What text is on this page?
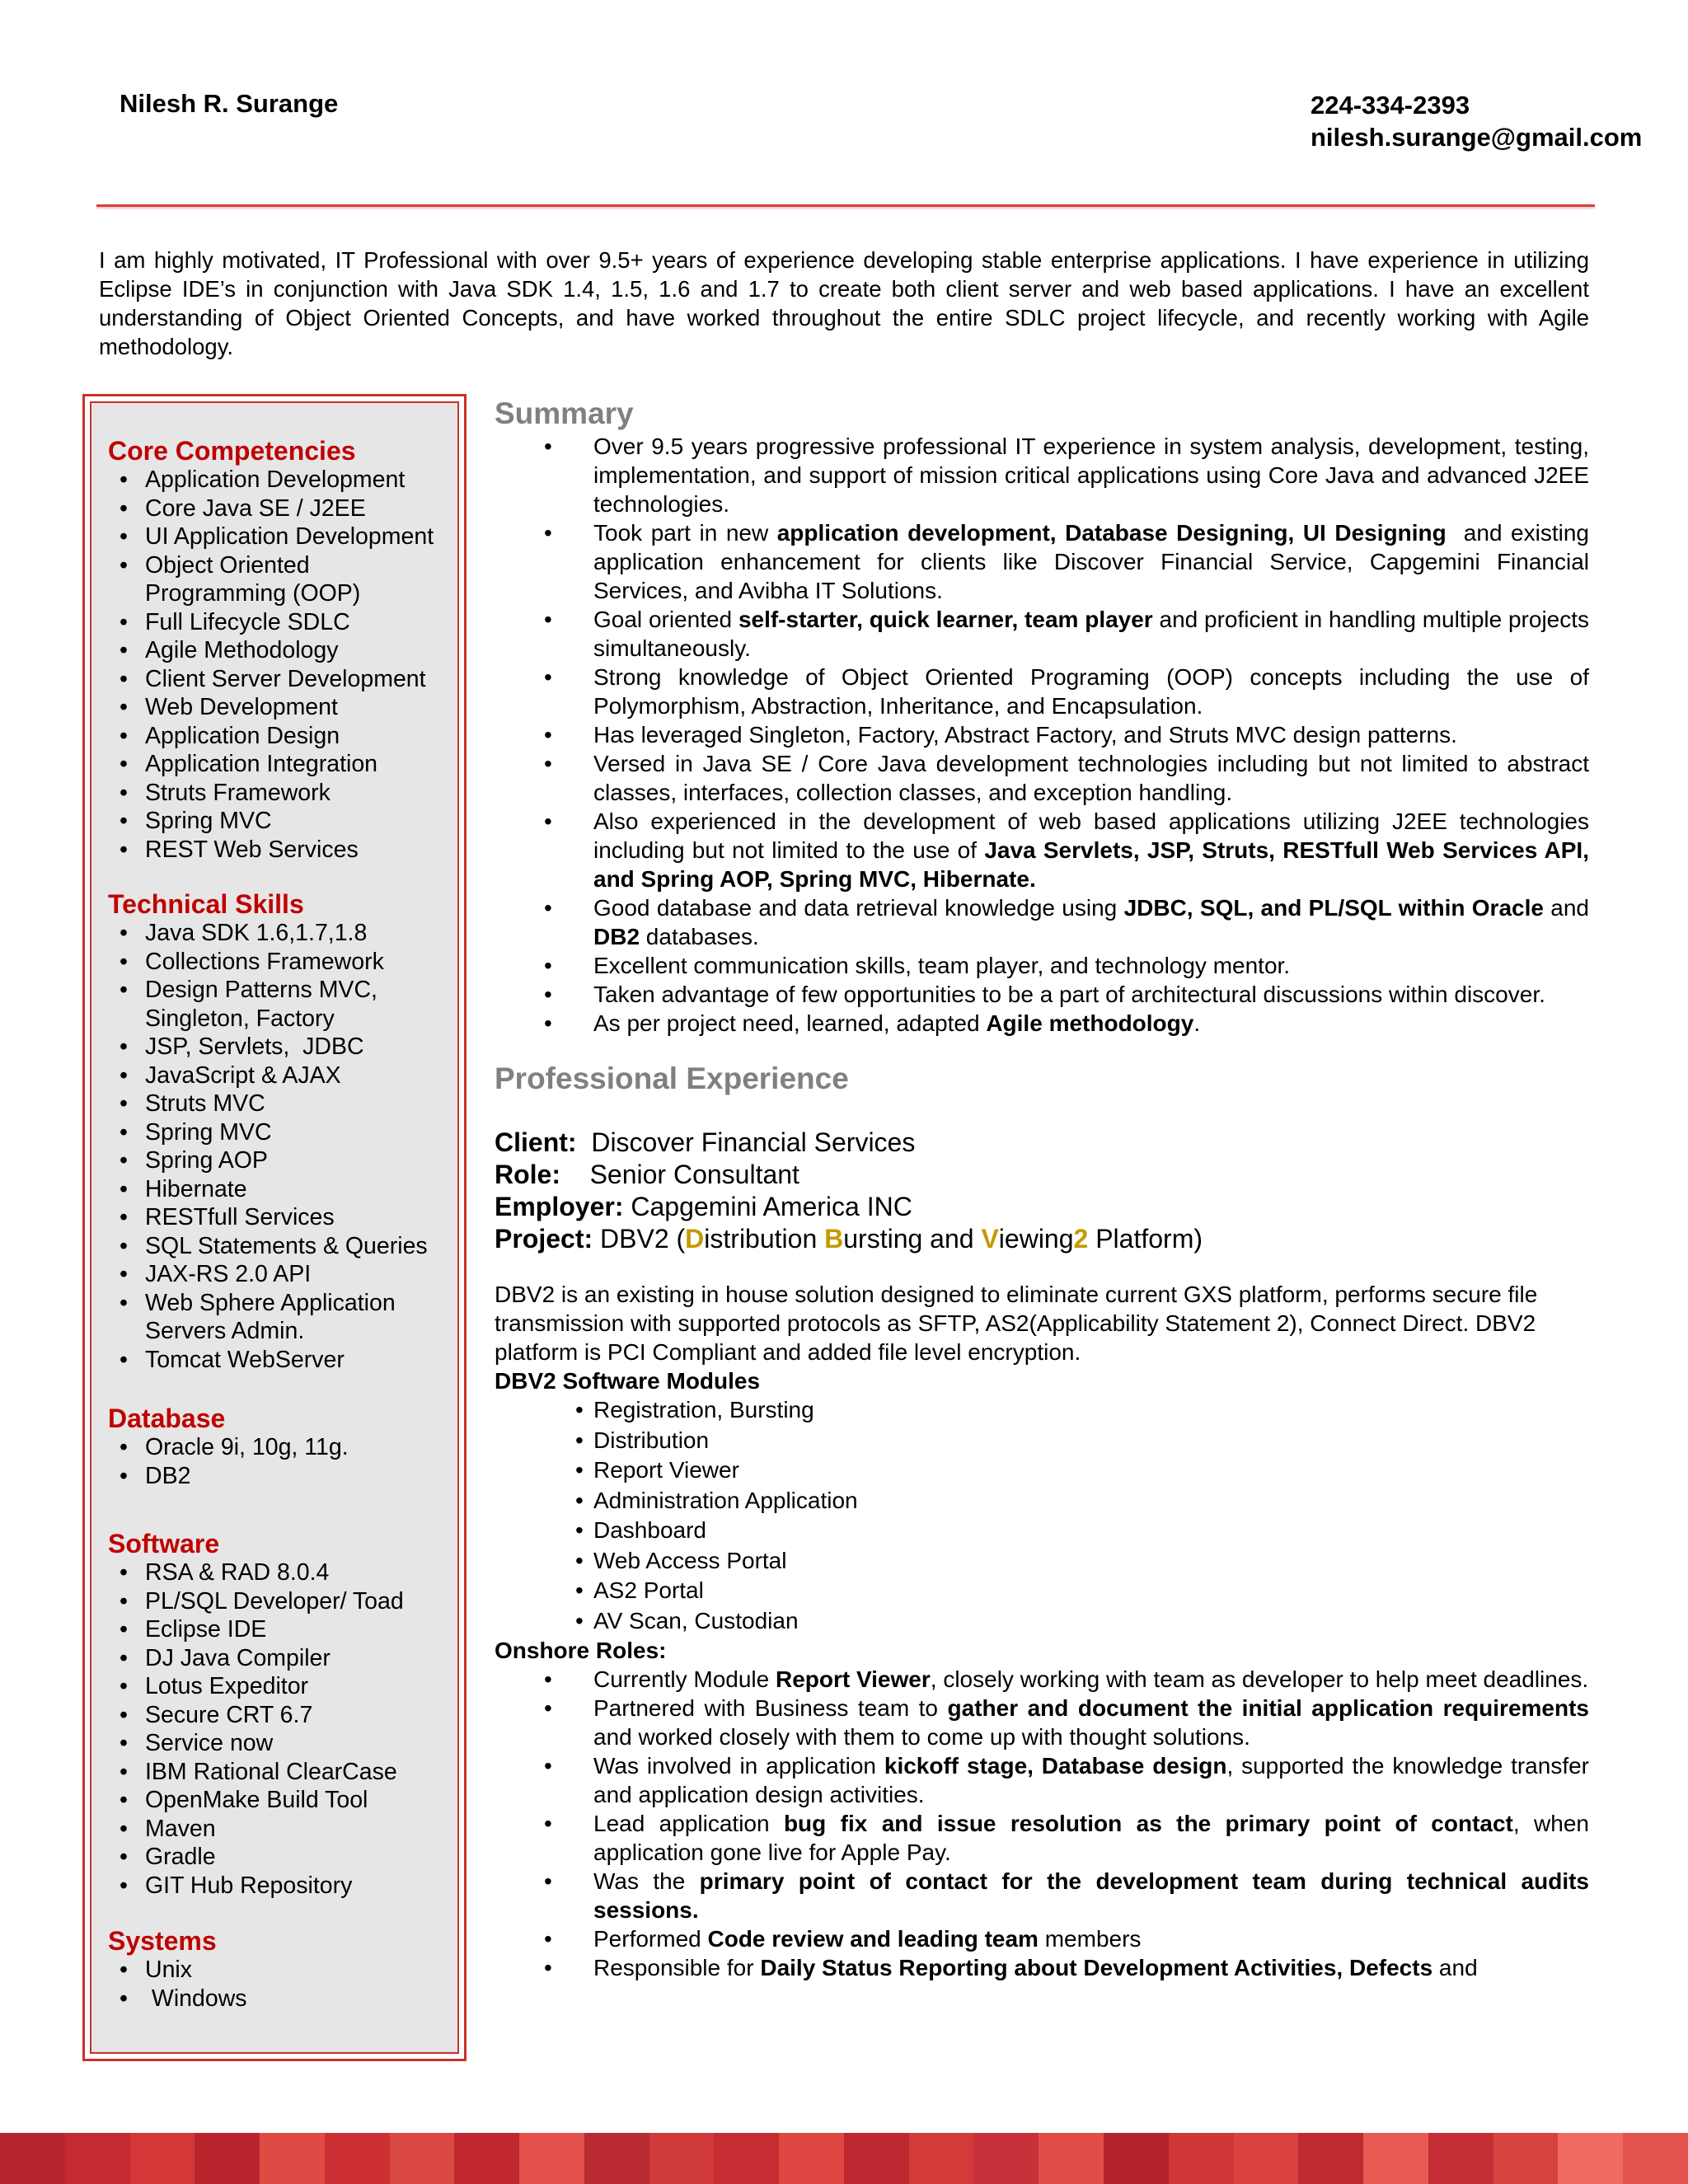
Nilesh R. Surange	224-334-2393
nilesh.surange@gmail.com
I am highly motivated, IT Professional with over 9.5+ years of experience developing stable enterprise applications. I have experience in utilizing Eclipse IDE’s in conjunction with Java SDK 1.4, 1.5, 1.6 and 1.7 to create both client server and web based applications. I have an excellent understanding of Object Oriented Concepts, and have worked throughout the entire SDLC project lifecycle, and recently working with Agile methodology.
Core Competencies
• Application Development
• Core Java SE / J2EE
• UI Application Development
• Object Oriented Programming (OOP)
• Full Lifecycle SDLC
• Agile Methodology
• Client Server Development
• Web Development
• Application Design
• Application Integration
• Struts Framework
• Spring MVC
• REST Web Services
Technical Skills
• Java SDK 1.6,1.7,1.8
• Collections Framework
• Design Patterns MVC, Singleton, Factory
• JSP, Servlets,  JDBC
• JavaScript & AJAX
• Struts MVC
• Spring MVC
• Spring AOP
• Hibernate
• RESTfull Services
• SQL Statements & Queries
• JAX-RS 2.0 API
• Web Sphere Application Servers Admin.
• Tomcat WebServer
Database
• Oracle 9i, 10g, 11g.
• DB2
Software
• RSA & RAD 8.0.4
• PL/SQL Developer/ Toad
• Eclipse IDE
• DJ Java Compiler
• Lotus Expeditor
• Secure CRT 6.7
• Service now
• IBM Rational ClearCase
• OpenMake Build Tool
• Maven
• Gradle
• GIT Hub Repository
Systems
• Unix
• Windows
Summary
• Over 9.5 years progressive professional IT experience in system analysis, development, testing, implementation, and support of mission critical applications using Core Java and advanced J2EE technologies.
• Took part in new application development, Database Designing, UI Designing  and existing application enhancement for clients like Discover Financial Service, Capgemini Financial Services, and Avibha IT Solutions.
• Goal oriented self-starter, quick learner, team player and proficient in handling multiple projects simultaneously.
• Strong knowledge of Object Oriented Programing (OOP) concepts including the use of Polymorphism, Abstraction, Inheritance, and Encapsulation.
• Has leveraged Singleton, Factory, Abstract Factory, and Struts MVC design patterns.
• Versed in Java SE / Core Java development technologies including but not limited to abstract classes, interfaces, collection classes, and exception handling.
• Also experienced in the development of web based applications utilizing J2EE technologies including but not limited to the use of Java Servlets, JSP, Struts, RESTfull Web Services API, and Spring AOP, Spring MVC, Hibernate.
• Good database and data retrieval knowledge using JDBC, SQL, and PL/SQL within Oracle and DB2 databases.
• Excellent communication skills, team player, and technology mentor.
• Taken advantage of few opportunities to be a part of architectural discussions within discover.
• As per project need, learned, adapted Agile methodology.
Professional Experience
Client:  Discover Financial Services
Role:    Senior Consultant
Employer: Capgemini America INC
Project: DBV2 (Distribution Bursting and Viewing2 Platform)
DBV2 is an existing in house solution designed to eliminate current GXS platform, performs secure file transmission with supported protocols as SFTP, AS2(Applicability Statement 2), Connect Direct. DBV2 platform is PCI Compliant and added file level encryption.
DBV2 Software Modules
• Registration, Bursting
• Distribution
• Report Viewer
• Administration Application
• Dashboard
• Web Access Portal
• AS2 Portal
• AV Scan, Custodian
Onshore Roles:
• Currently Module Report Viewer, closely working with team as developer to help meet deadlines.
• Partnered with Business team to gather and document the initial application requirements and worked closely with them to come up with thought solutions.
• Was involved in application kickoff stage, Database design, supported the knowledge transfer and application design activities.
• Lead application bug fix and issue resolution as the primary point of contact, when application gone live for Apple Pay.
• Was the primary point of contact for the development team during technical audits sessions.
• Performed Code review and leading team members
• Responsible for Daily Status Reporting about Development Activities, Defects and
